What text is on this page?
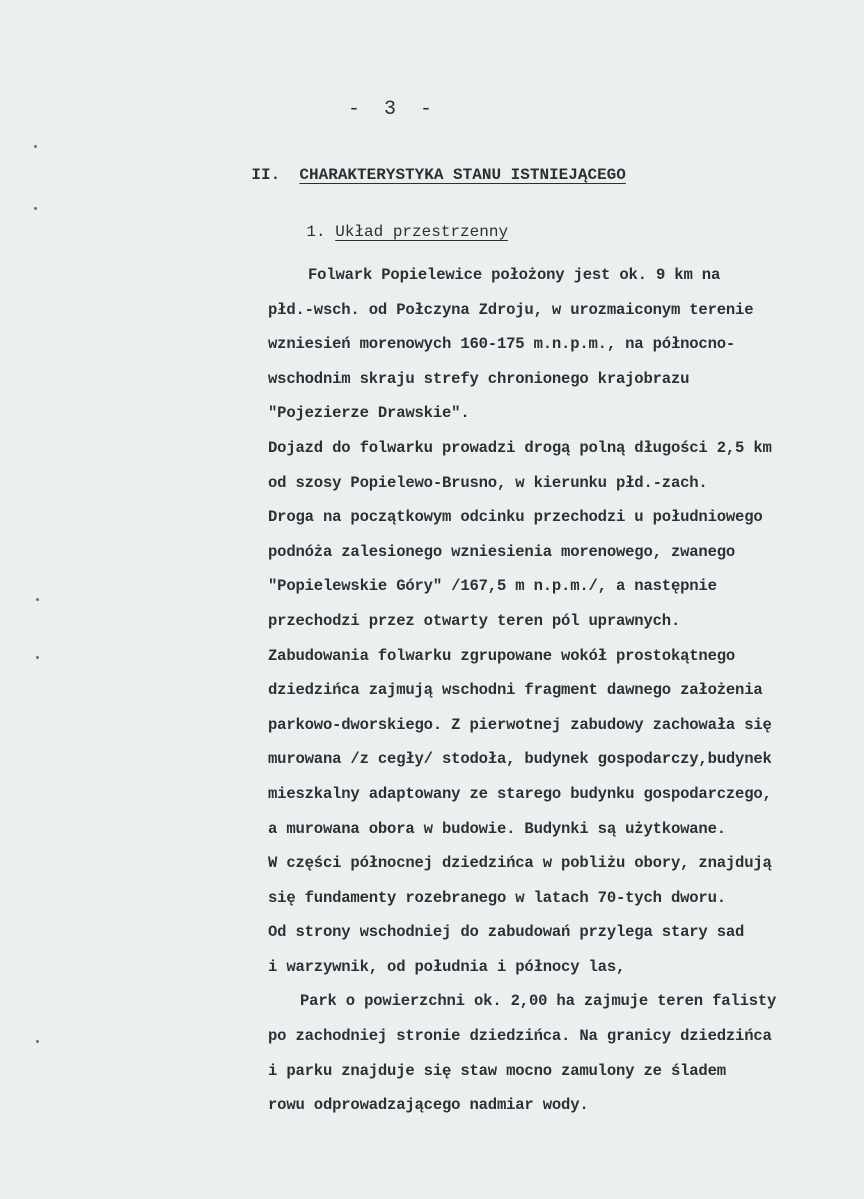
- 3 -

II. CHARAKTERYSTYKA STANU ISTNIEJĄCEGO

1. Układ przestrzenny

Folwark Popielewice położony jest ok. 9 km na
płd.-wsch. od Połczyna Zdroju, w urozmaiconym terenie
wzniesień morenowych 160-175 m.n.p.m., na północno-
wschodnim skraju strefy chronionego krajobrazu
"Pojezierze Drawskie".
Dojazd do folwarku prowadzi drogą polną długości 2,5 km
od szosy Popielewo-Brusno, w kierunku płd.-zach.
Droga na początkowym odcinku przechodzi u południowego
podnóża zalesionego wzniesienia morenowego, zwanego
"Popielewskie Góry" /167,5 m n.p.m./, a następnie
przechodzi przez otwarty teren pól uprawnych.
Zabudowania folwarku zgrupowane wokół prostokątnego
dziedzińca zajmują wschodni fragment dawnego założenia
parkowo-dworskiego. Z pierwotnej zabudowy zachowała się
murowana /z cegły/ stodoła, budynek gospodarczy,budynek
mieszkalny adaptowany ze starego budynku gospodarczego,
a murowana obora w budowie. Budynki są użytkowane.
W części północnej dziedzińca w pobliżu obory, znajdują
się fundamenty rozebranego w latach 70-tych dworu.
Od strony wschodniej do zabudowań przylega stary sad
i warzywnik, od południa i północy las,
Park o powierzchni ok. 2,00 ha zajmuje teren falisty
po zachodniej stronie dziedzińca. Na granicy dziedzińca
i parku znajduje się staw mocno zamulony ze śladem
rowu odprowadzającego nadmiar wody.
